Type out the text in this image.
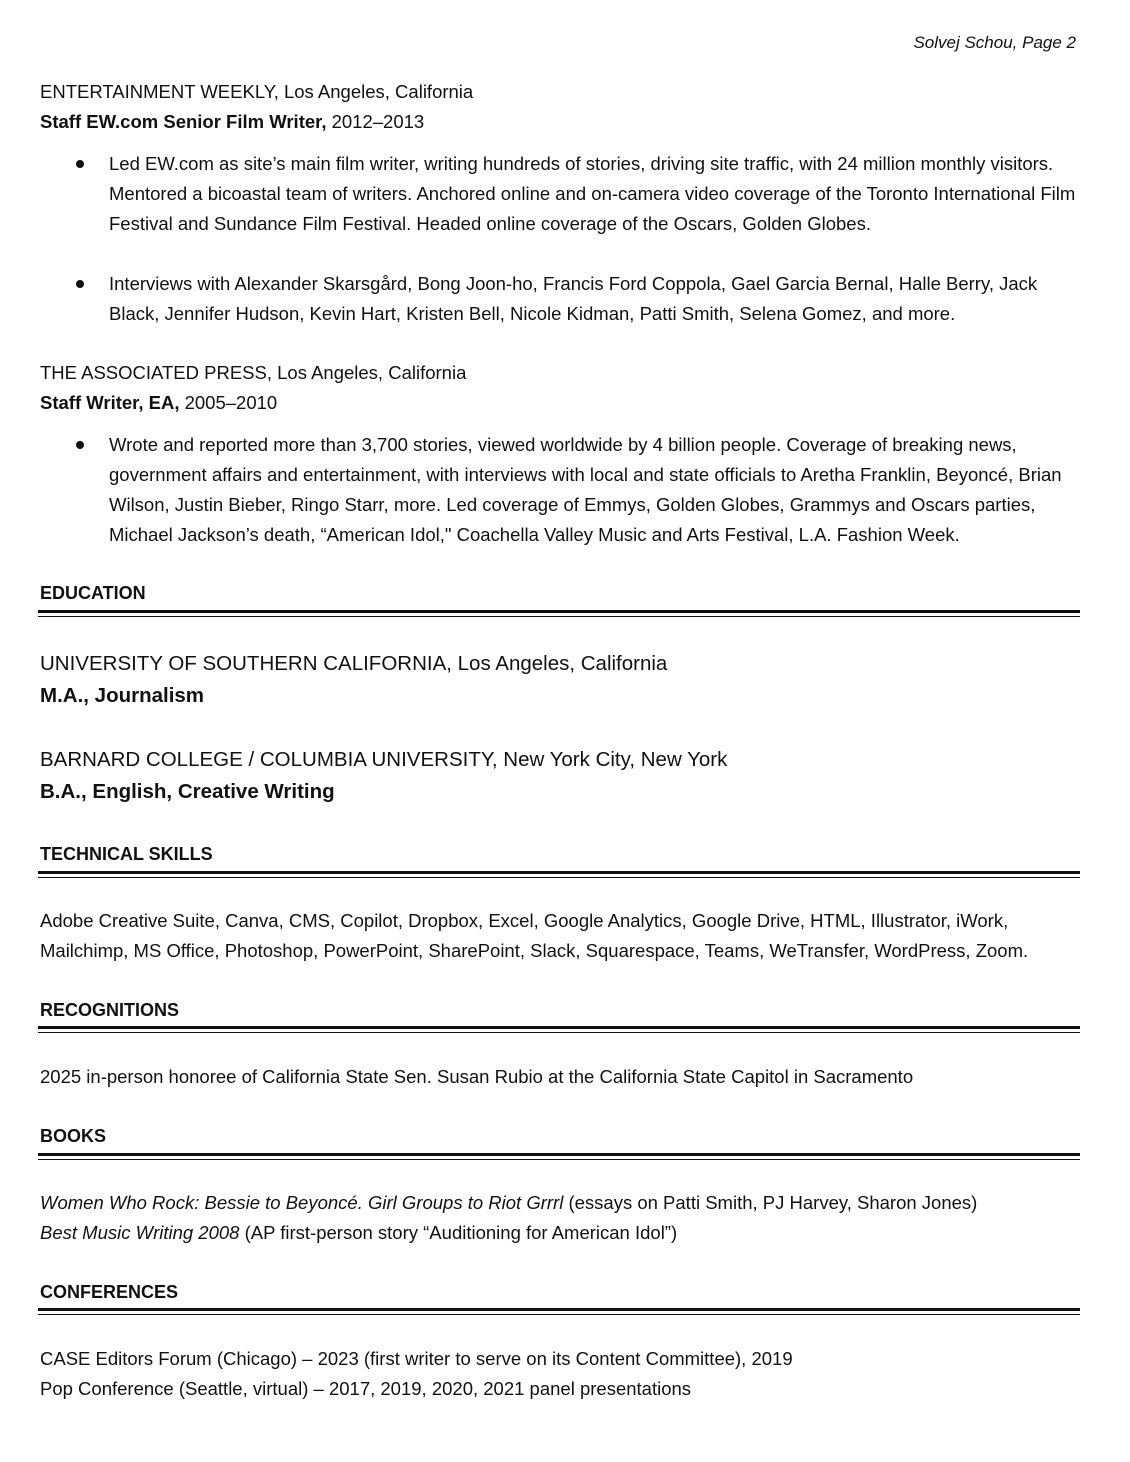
Solvej Schou, Page 2
ENTERTAINMENT WEEKLY, Los Angeles, California
Staff EW.com Senior Film Writer, 2012–2013
Led EW.com as site’s main film writer, writing hundreds of stories, driving site traffic, with 24 million monthly visitors. Mentored a bicoastal team of writers. Anchored online and on-camera video coverage of the Toronto International Film Festival and Sundance Film Festival. Headed online coverage of the Oscars, Golden Globes.
Interviews with Alexander Skarsgård, Bong Joon-ho, Francis Ford Coppola, Gael Garcia Bernal, Halle Berry, Jack Black, Jennifer Hudson, Kevin Hart, Kristen Bell, Nicole Kidman, Patti Smith, Selena Gomez, and more.
THE ASSOCIATED PRESS, Los Angeles, California
Staff Writer, EA, 2005–2010
Wrote and reported more than 3,700 stories, viewed worldwide by 4 billion people. Coverage of breaking news, government affairs and entertainment, with interviews with local and state officials to Aretha Franklin, Beyoncé, Brian Wilson, Justin Bieber, Ringo Starr, more. Led coverage of Emmys, Golden Globes, Grammys and Oscars parties, Michael Jackson’s death, “American Idol," Coachella Valley Music and Arts Festival, L.A. Fashion Week.
EDUCATION
UNIVERSITY OF SOUTHERN CALIFORNIA, Los Angeles, California
M.A., Journalism
BARNARD COLLEGE / COLUMBIA UNIVERSITY, New York City, New York
B.A., English, Creative Writing
TECHNICAL SKILLS
Adobe Creative Suite, Canva, CMS, Copilot, Dropbox, Excel, Google Analytics, Google Drive, HTML, Illustrator, iWork, Mailchimp, MS Office, Photoshop, PowerPoint, SharePoint, Slack, Squarespace, Teams, WeTransfer, WordPress, Zoom.
RECOGNITIONS
2025 in-person honoree of California State Sen. Susan Rubio at the California State Capitol in Sacramento
BOOKS
Women Who Rock: Bessie to Beyoncé. Girl Groups to Riot Grrrl (essays on Patti Smith, PJ Harvey, Sharon Jones)
Best Music Writing 2008 (AP first-person story “Auditioning for American Idol”)
CONFERENCES
CASE Editors Forum (Chicago) – 2023 (first writer to serve on its Content Committee), 2019
Pop Conference (Seattle, virtual) – 2017, 2019, 2020, 2021 panel presentations
